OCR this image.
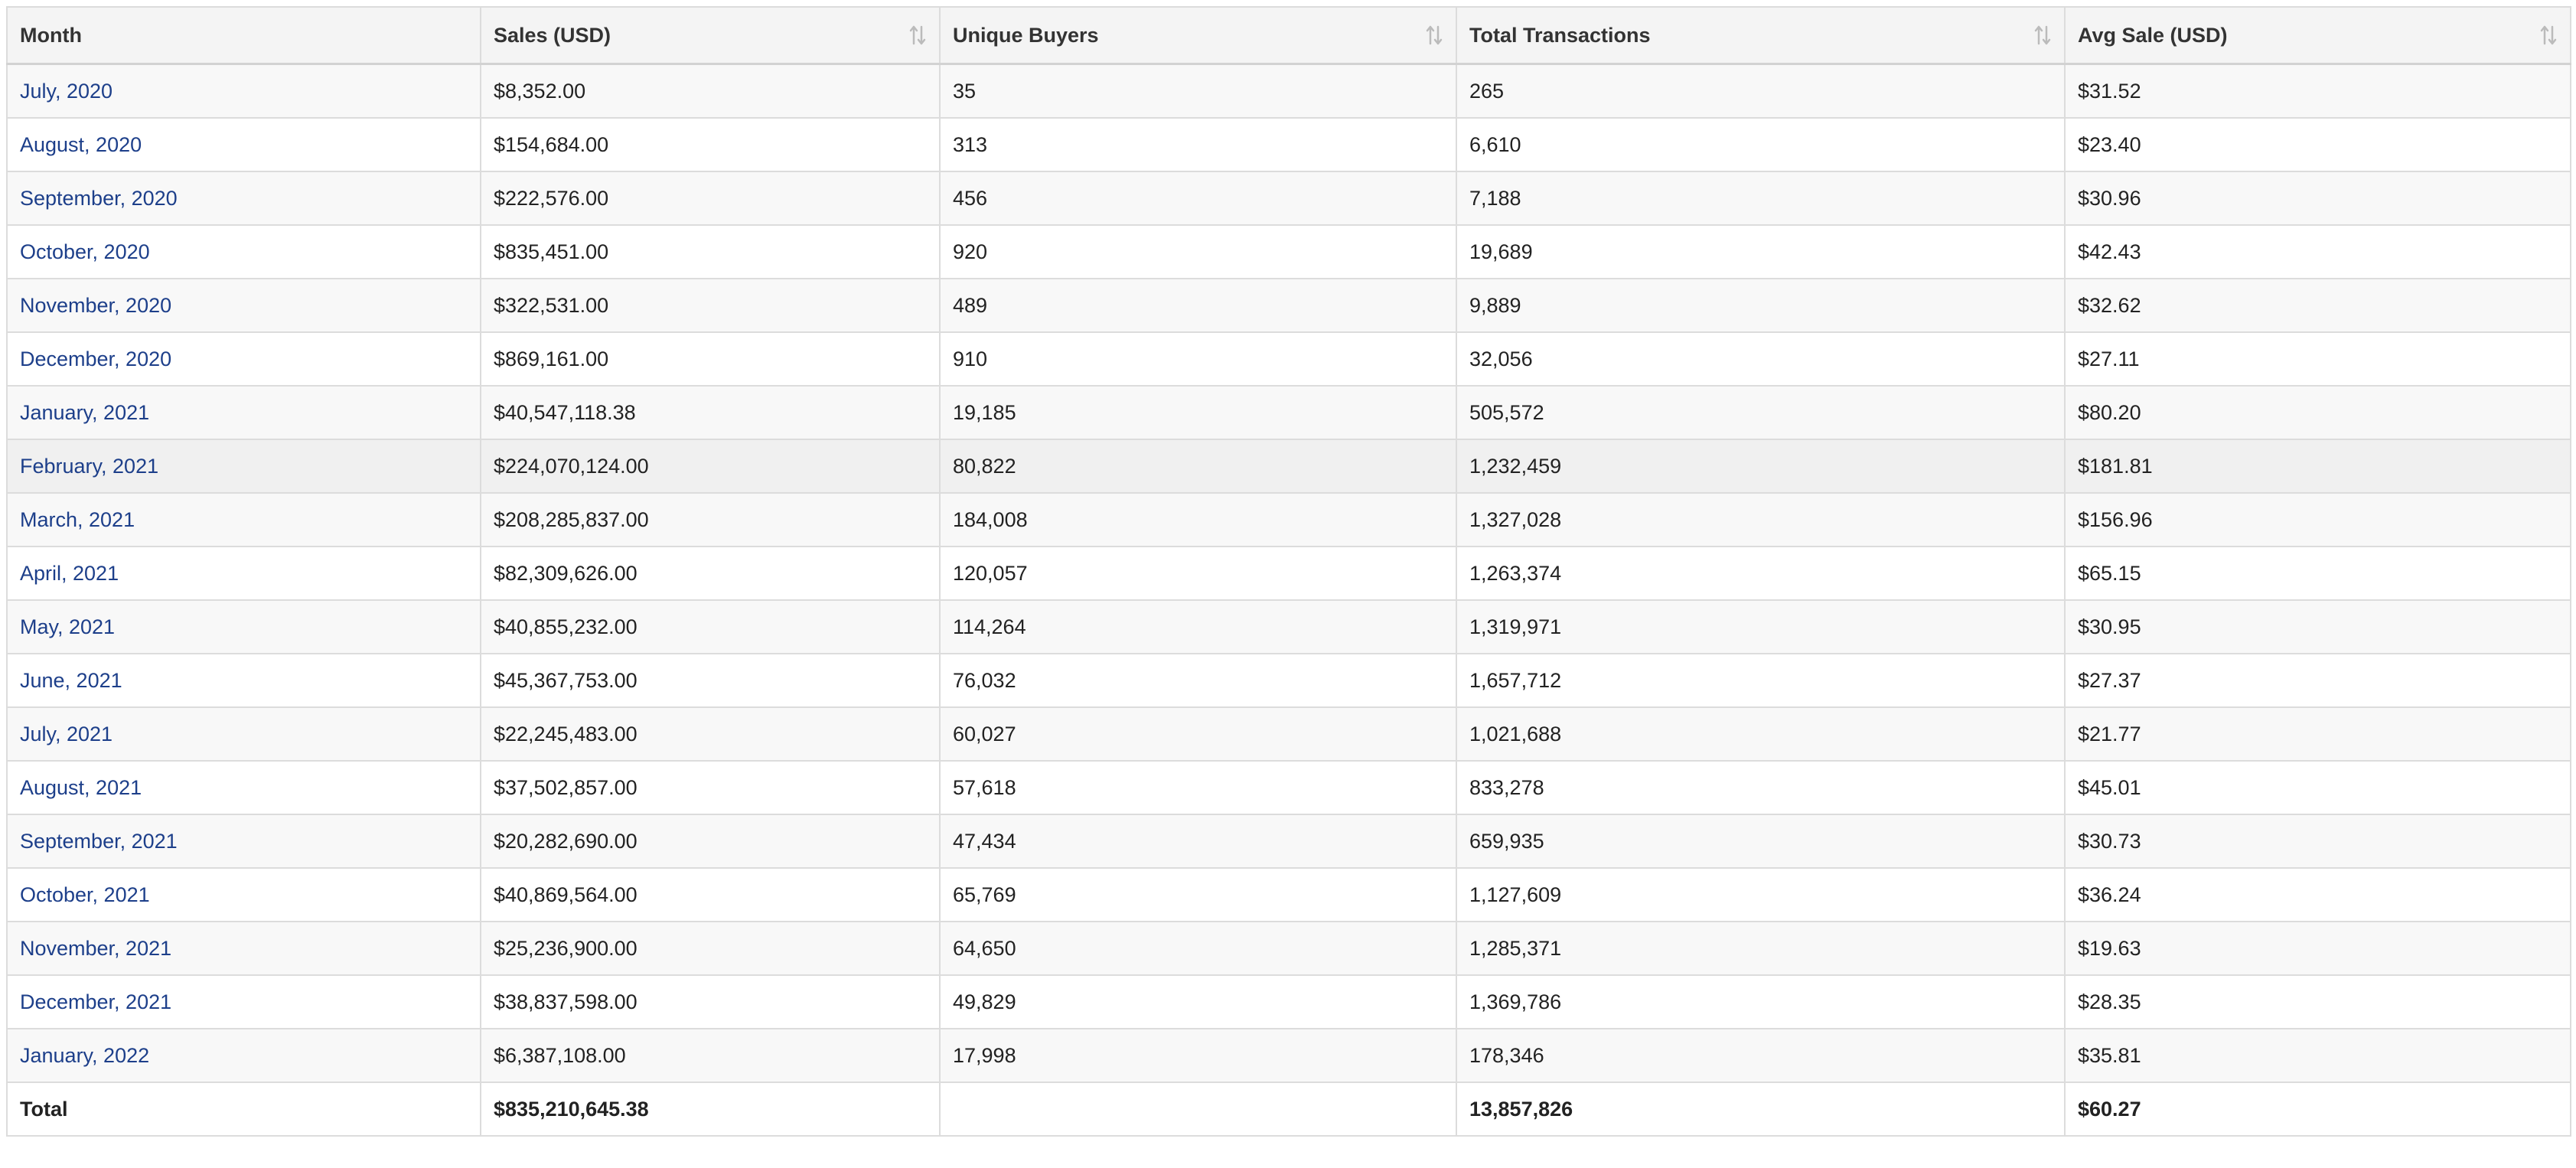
Month	Sales (USD)	Unique Buyers	Total Transactions	Avg Sale (USD)

July, 2020	$8,352.00	35	265	$31.52
August, 2020	$154,684.00	313	6,610	$23.40
September, 2020	$222,576.00	456	7,188	$30.96
October, 2020	$835,451.00	920	19,689	$42.43
November, 2020	$322,531.00	489	9,889	$32.62
December, 2020	$869,161.00	910	32,056	$27.11
January, 2021	$40,547,118.38	19,185	505,572	$80.20
February, 2021	$224,070,124.00	80,822	1,232,459	$181.81
March, 2021	$208,285,837.00	184,008	1,327,028	$156.96
April, 2021	$82,309,626.00	120,057	1,263,374	$65.15
May, 2021	$40,855,232.00	114,264	1,319,971	$30.95
June, 2021	$45,367,753.00	76,032	1,657,712	$27.37
July, 2021	$22,245,483.00	60,027	1,021,688	$21.77
August, 2021	$37,502,857.00	57,618	833,278	$45.01
September, 2021	$20,282,690.00	47,434	659,935	$30.73
October, 2021	$40,869,564.00	65,769	1,127,609	$36.24
November, 2021	$25,236,900.00	64,650	1,285,371	$19.63
December, 2021	$38,837,598.00	49,829	1,369,786	$28.35
January, 2022	$6,387,108.00	17,998	178,346	$35.81
Total	$835,210,645.38		13,857,826	$60.27
